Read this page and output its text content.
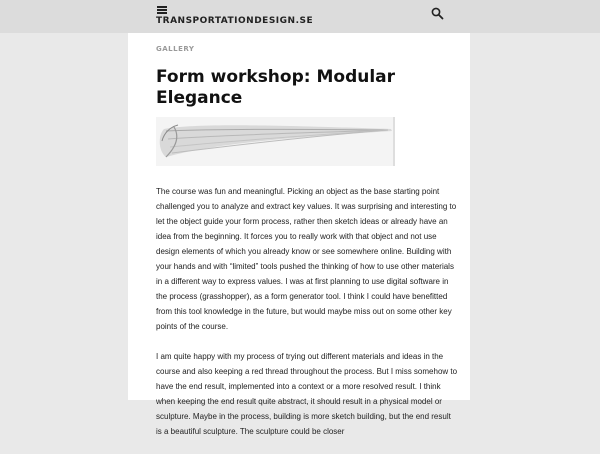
TRANSPORTATIONDESIGN.SE
GALLERY
Form workshop: Modular Elegance

The course was fun and meaningful. Picking an object as the base starting point challenged you to analyze and extract key values. It was surprising and interesting to let the object guide your form process, rather then sketch ideas or already have an idea from the beginning. It forces you to really work with that object and not use design elements of which you already know or see somewhere online. Building with your hands and with “limited” tools pushed the thinking of how to use other materials in a different way to express values. I was at first planning to use digital software in the process (grasshopper), as a form generator tool. I think I could have benefitted from this tool knowledge in the future, but would maybe miss out on some other key points of the course.

I am quite happy with my process of trying out different materials and ideas in the course and also keeping a red thread throughout the process. But I miss somehow to have the end result, implemented into a context or a more resolved result. I think when keeping the end result quite abstract, it should result in a physical model or sculpture. Maybe in the process, building is more sketch building, but the end result is a beautiful sculpture. The sculpture could be closer
